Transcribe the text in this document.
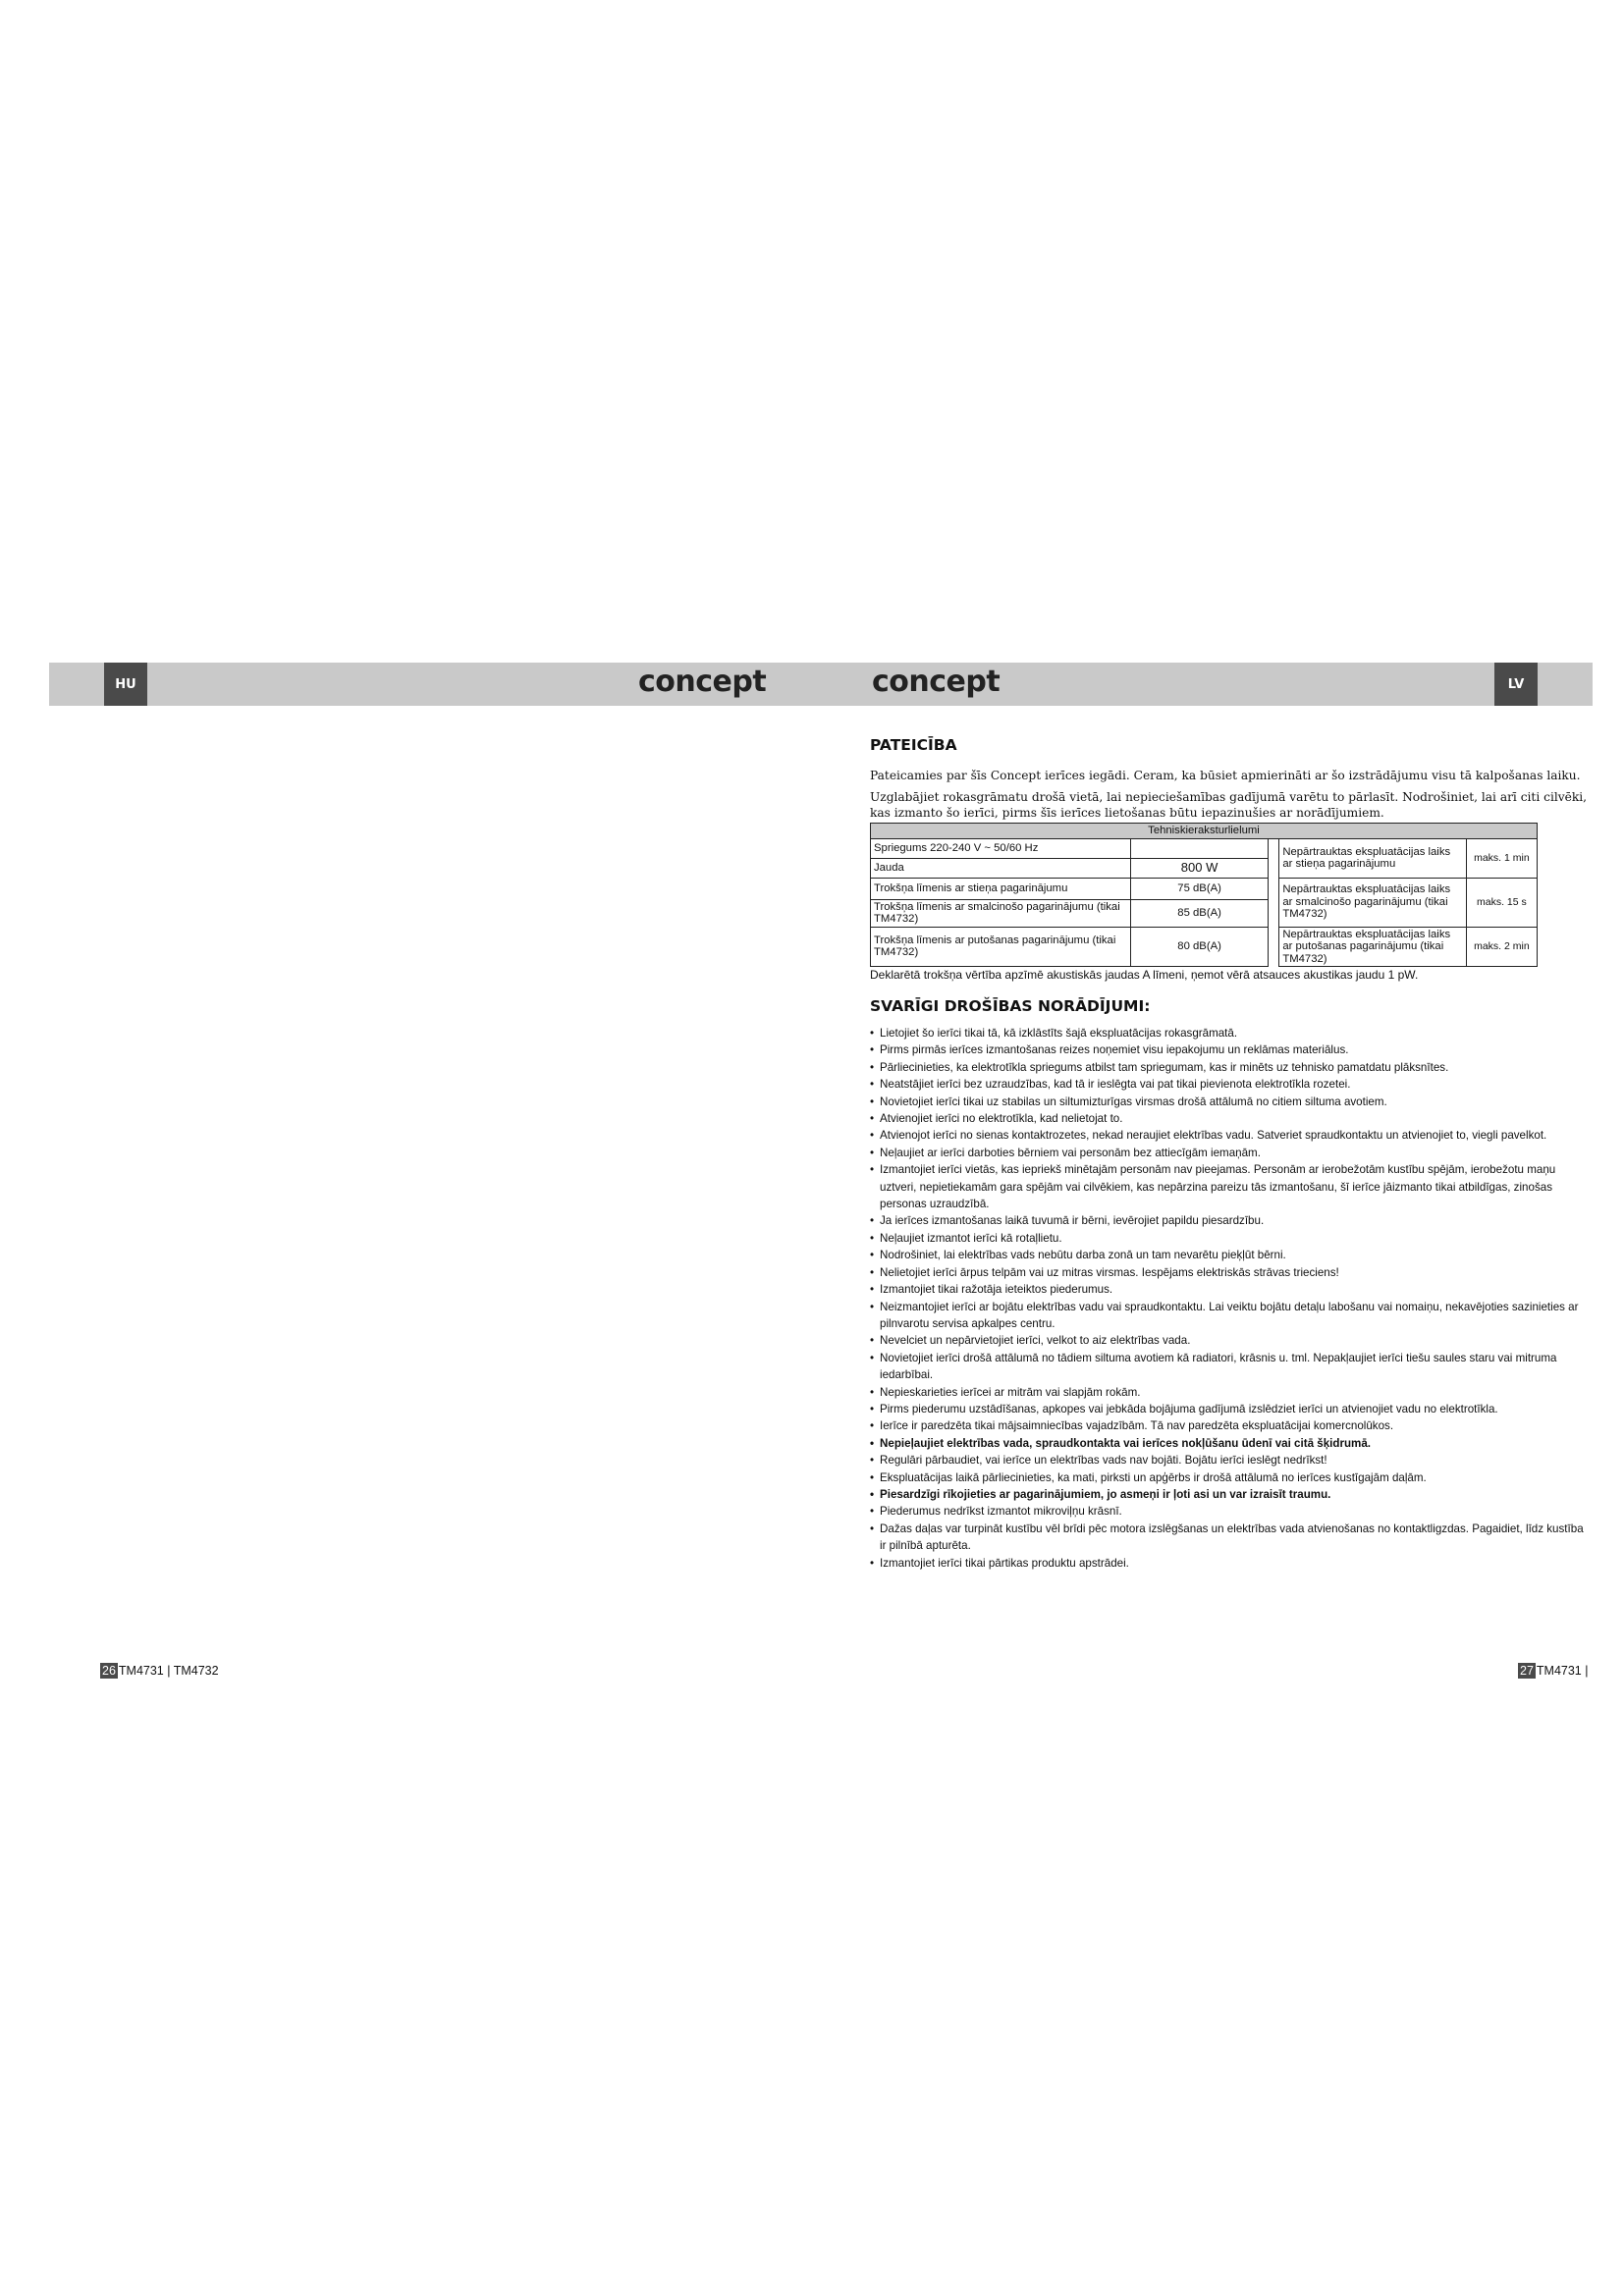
HU	concept	concept	LV
PATEICĪBA

Pateicamies par šīs Concept ierīces iegādi. Ceram, ka būsiet apmierināti ar šo izstrādājumu visu tā kalpošanas laiku.

Uzglabājiet rokasgrāmatu drošā vietā, lai nepieciešamības gadījumā varētu to pārlasīt. Nodrošiniet, lai arī citi cilvēki, kas izmanto šo ierīci, pirms šīs ierīces lietošanas būtu iepazinušies ar norādījumiem.

Tehniskieraksturlielumi				
Spriegums 220-240 V ~ 50/60 Hz			Nepārtrauktas ekspluatācijas laiks ar stieņa pagarinājumu	maks. 1 min
Jauda	800 W			
Trokšņa līmenis ar stieņa pagarinājumu	75 dB(A)		Nepārtrauktas ekspluatācijas laiks ar smalcinošo pagarinājumu (tikai TM4732)	maks. 15 s
Trokšņa līmenis ar smalcinošo pagarinājumu (tikai TM4732)	85 dB(A)			
Trokšņa līmenis ar putošanas pagarinājumu (tikai TM4732)	80 dB(A)		Nepārtrauktas ekspluatācijas laiks ar putošanas pagarinājumu (tikai TM4732)	maks. 2 min

Deklarētā trokšņa vērtība apzīmē akustiskās jaudas A līmeni, ņemot vērā atsauces akustikas jaudu 1 pW.

SVARĪGI DROŠĪBAS NORĀDĪJUMI:
• Lietojiet šo ierīci tikai tā, kā izklāstīts šajā ekspluatācijas rokasgrāmatā.
• Pirms pirmās ierīces izmantošanas reizes noņemiet visu iepakojumu un reklāmas materiālus.
• Pārliecinieties, ka elektrotīkla spriegums atbilst tam spriegumam, kas ir minēts uz tehnisko pamatdatu plāksnītes.
• Neatstājiet ierīci bez uzraudzības, kad tā ir ieslēgta vai pat tikai pievienota elektrotīkla rozetei.
• Novietojiet ierīci tikai uz stabilas un siltumizturīgas virsmas drošā attālumā no citiem siltuma avotiem.
• Atvienojiet ierīci no elektrotīkla, kad nelietojat to.
• Atvienojot ierīci no sienas kontaktrozetes, nekad neraujiet elektrības vadu. Satveriet spraudkontaktu un atvienojiet to, viegli pavelkot.
• Neļaujiet ar ierīci darboties bērniem vai personām bez attiecīgām iemaņām.
• Izmantojiet ierīci vietās, kas iepriekš minētajām personām nav pieejamas. Personām ar ierobežotām kustību spējām, ierobežotu maņu uztveri, nepietiekamām gara spējām vai cilvēkiem, kas nepārzina pareizu tās izmantošanu, šī ierīce jāizmanto tikai atbildīgas, zinošas personas uzraudzībā.
• Ja ierīces izmantošanas laikā tuvumā ir bērni, ievērojiet papildu piesardzību.
• Neļaujiet izmantot ierīci kā rotaļlietu.
• Nodrošiniet, lai elektrības vads nebūtu darba zonā un tam nevarētu pieķļūt bērni.
• Nelietojiet ierīci ārpus telpām vai uz mitras virsmas. Iespējams elektriskās strāvas trieciens!
• Izmantojiet tikai ražotāja ieteiktos piederumus.
• Neizmantojiet ierīci ar bojātu elektrības vadu vai spraudkontaktu. Lai veiktu bojātu detaļu labošanu vai nomaiņu, nekavējoties sazinieties ar pilnvarotu servisa apkalpes centru.
• Nevelciet un nepārvietojiet ierīci, velkot to aiz elektrības vada.
• Novietojiet ierīci drošā attālumā no tādiem siltuma avotiem kā radiatori, krāsnis u. tml. Nepakļaujiet ierīci tiešu saules staru vai mitruma iedarbībai.
• Nepieskarieties ierīcei ar mitrām vai slapjām rokām.
• Pirms piederumu uzstādīšanas, apkopes vai jebkāda bojājuma gadījumā izslēdziet ierīci un atvienojiet vadu no elektrotīkla.
• Ierīce ir paredzēta tikai mājsaimniecības vajadzībām. Tā nav paredzēta ekspluatācijai komercnolūkos.
• Nepieļaujiet elektrības vada, spraudkontakta vai ierīces nokļūšanu ūdenī vai citā šķidrumā.
• Regulāri pārbaudiet, vai ierīce un elektrības vads nav bojāti. Bojātu ierīci ieslēgt nedrīkst!
• Ekspluatācijas laikā pārliecinieties, ka mati, pirksti un apģērbs ir drošā attālumā no ierīces kustīgajām daļām.
• Piesardzīgi rīkojieties ar pagarinājumiem, jo asmeņi ir ļoti asi un var izraisīt traumu.
• Piederumus nedrīkst izmantot mikroviļņu krāsnī.
• Dažas daļas var turpināt kustību vēl brīdi pēc motora izslēgšanas un elektrības vada atvienošanas no kontaktligzdas. Pagaidiet, līdz kustība ir pilnībā apturēta.
• Izmantojiet ierīci tikai pārtikas produktu apstrādei.
26 TM4731 | TM4732	27 TM4731 |
